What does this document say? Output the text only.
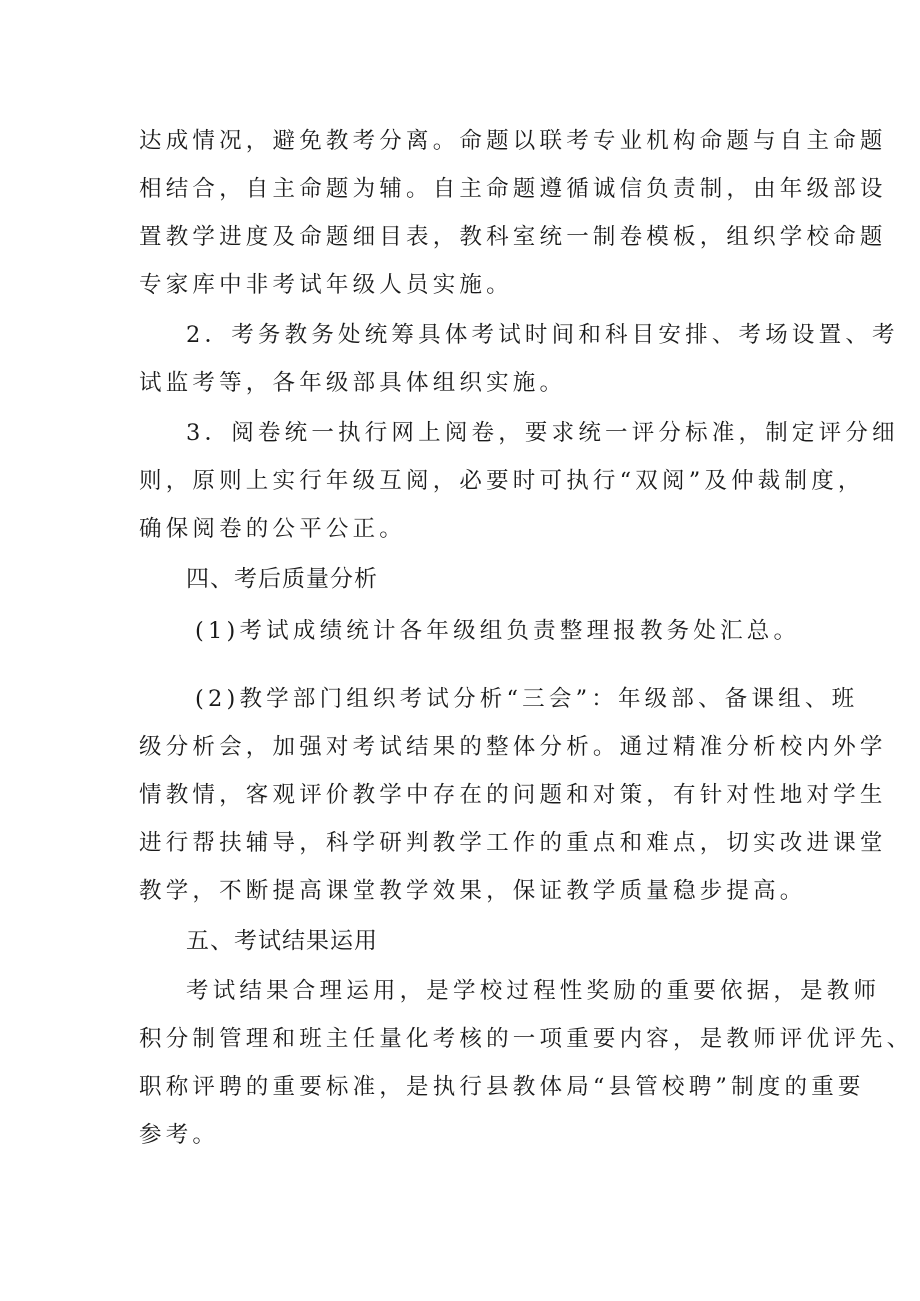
达成情况，避免教考分离。命题以联考专业机构命题与自主命题
相结合，自主命题为辅。自主命题遵循诚信负责制，由年级部设
置教学进度及命题细目表，教科室统一制卷模板，组织学校命题
专家库中非考试年级人员实施。
2．考务教务处统筹具体考试时间和科目安排、考场设置、考
试监考等，各年级部具体组织实施。
3．阅卷统一执行网上阅卷，要求统一评分标准，制定评分细
则，原则上实行年级互阅，必要时可执行“双阅”及仲裁制度，
确保阅卷的公平公正。
四、考后质量分析
(1)考试成绩统计各年级组负责整理报教务处汇总。
(2)教学部门组织考试分析“三会”：年级部、备课组、班
级分析会，加强对考试结果的整体分析。通过精准分析校内外学
情教情，客观评价教学中存在的问题和对策，有针对性地对学生
进行帮扶辅导，科学研判教学工作的重点和难点，切实改进课堂
教学，不断提高课堂教学效果，保证教学质量稳步提高。
五、考试结果运用
考试结果合理运用，是学校过程性奖励的重要依据，是教师
积分制管理和班主任量化考核的一项重要内容，是教师评优评先、
职称评聘的重要标准，是执行县教体局“县管校聘”制度的重要
参考。
